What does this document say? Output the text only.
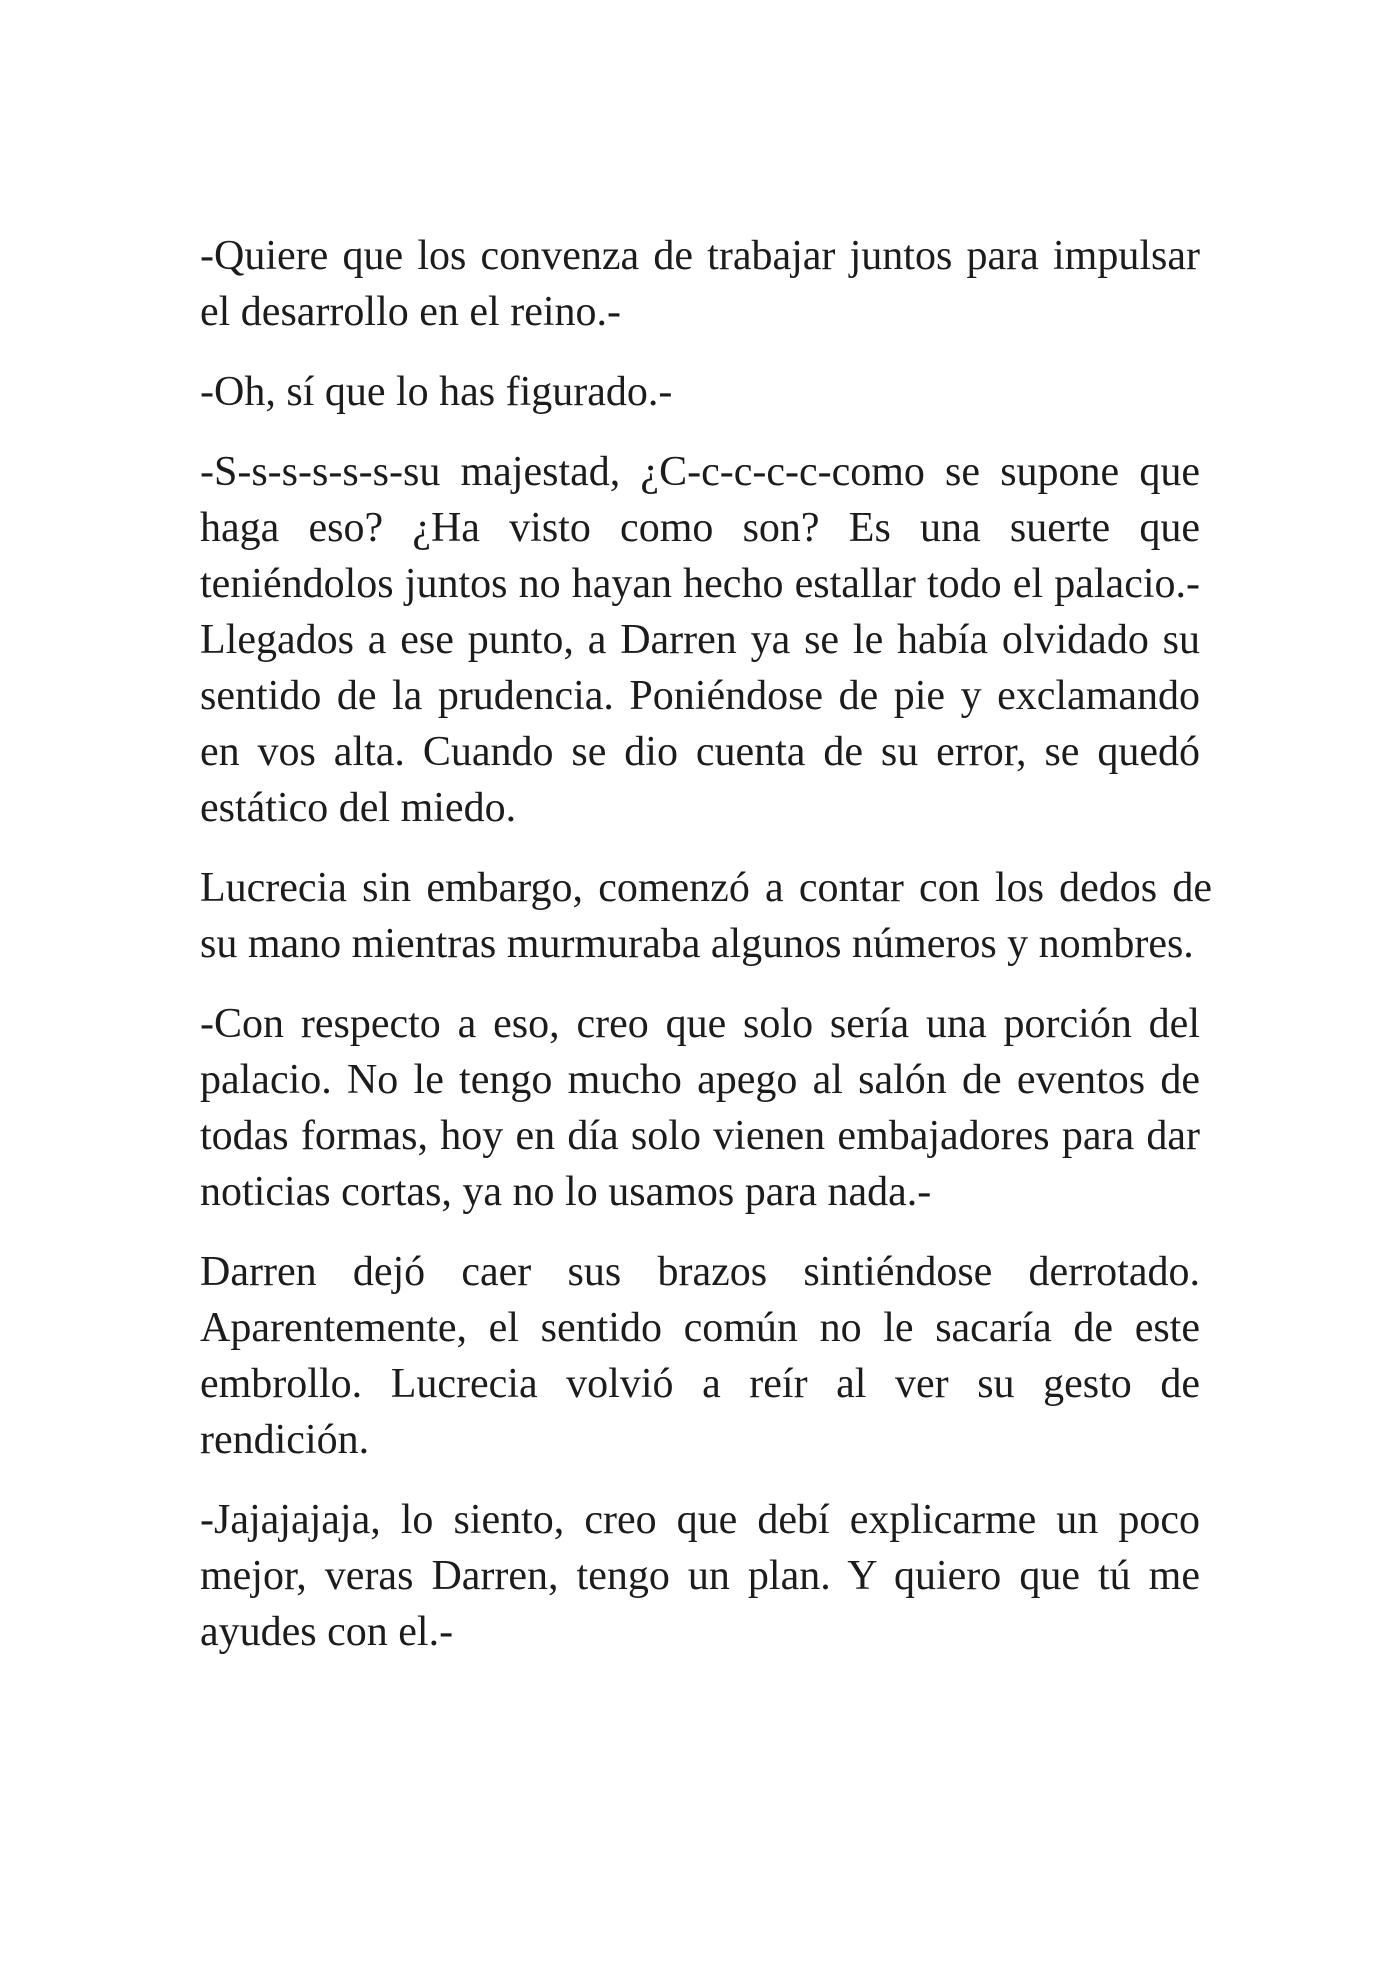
-Quiere que los convenza de trabajar juntos para impulsar el desarrollo en el reino.-

-Oh, sí que lo has figurado.-

-S-s-s-s-s-s-su majestad, ¿C-c-c-c-c-como se supone que haga eso? ¿Ha visto como son? Es una suerte que teniéndolos juntos no hayan hecho estallar todo el palacio.- Llegados a ese punto, a Darren ya se le había olvidado su sentido de la prudencia. Poniéndose de pie y exclamando en vos alta. Cuando se dio cuenta de su error, se quedó estático del miedo.

Lucrecia sin embargo, comenzó a contar con los dedos de su mano mientras murmuraba algunos números y nombres.

-Con respecto a eso, creo que solo sería una porción del palacio. No le tengo mucho apego al salón de eventos de todas formas, hoy en día solo vienen embajadores para dar noticias cortas, ya no lo usamos para nada.-

Darren dejó caer sus brazos sintiéndose derrotado. Aparentemente, el sentido común no le sacaría de este embrollo. Lucrecia volvió a reír al ver su gesto de rendición.

-Jajajajaja, lo siento, creo que debí explicarme un poco mejor, veras Darren, tengo un plan. Y quiero que tú me ayudes con el.-
